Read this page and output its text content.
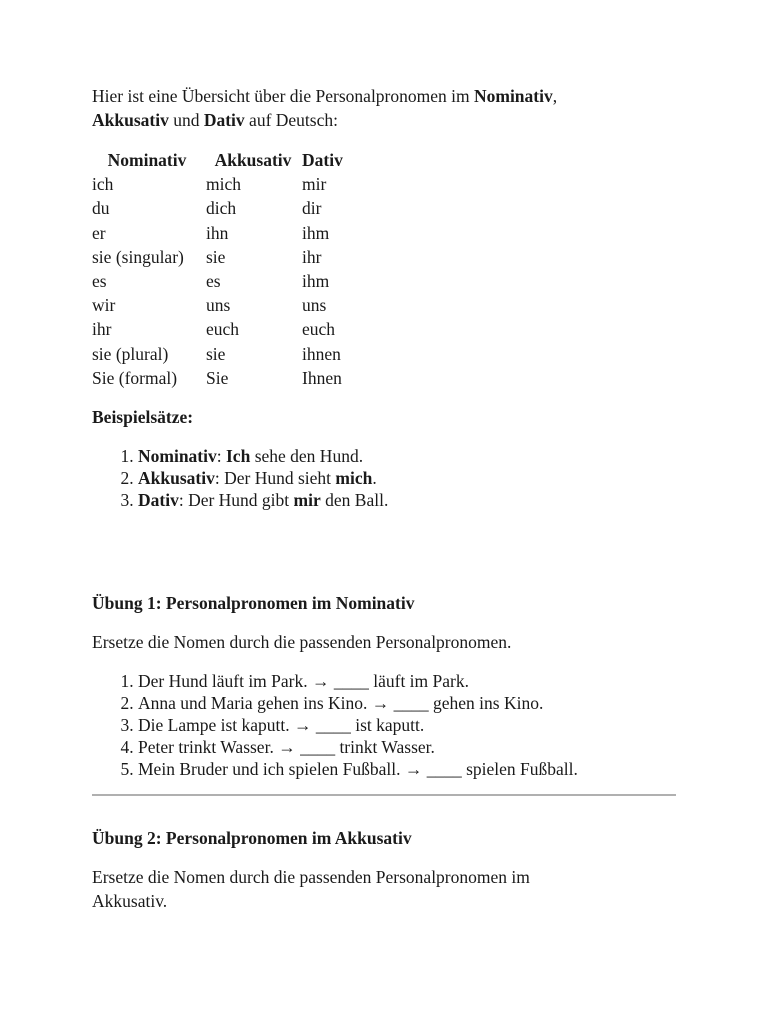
Hier ist eine Übersicht über die Personalpronomen im Nominativ,
Akkusativ und Dativ auf Deutsch:

Nominativ	Akkusativ	Dativ
ich	mich	mir
du	dich	dir
er	ihn	ihm
sie (singular)	sie	ihr
es	es	ihm
wir	uns	uns
ihr	euch	euch
sie (plural)	sie	ihnen
Sie (formal)	Sie	Ihnen

Beispielsätze:

1. Nominativ: Ich sehe den Hund.
2. Akkusativ: Der Hund sieht mich.
3. Dativ: Der Hund gibt mir den Ball.

Übung 1: Personalpronomen im Nominativ

Ersetze die Nomen durch die passenden Personalpronomen.

1. Der Hund läuft im Park. → ____ läuft im Park.
2. Anna und Maria gehen ins Kino. → ____ gehen ins Kino.
3. Die Lampe ist kaputt. → ____ ist kaputt.
4. Peter trinkt Wasser. → ____ trinkt Wasser.
5. Mein Bruder und ich spielen Fußball. → ____ spielen Fußball.

Übung 2: Personalpronomen im Akkusativ

Ersetze die Nomen durch die passenden Personalpronomen im
Akkusativ.
